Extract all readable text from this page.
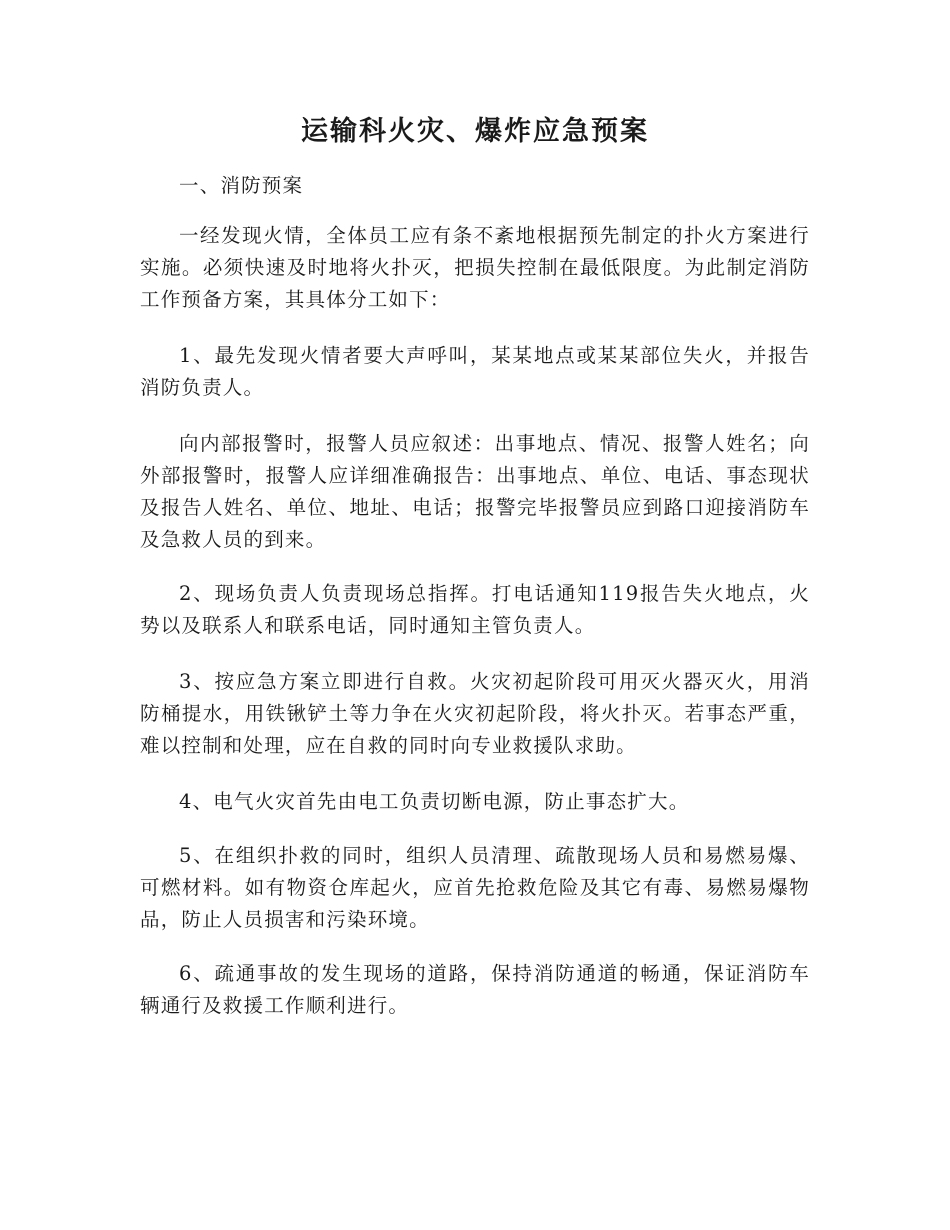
运输科火灾、爆炸应急预案

一、消防预案

一经发现火情，全体员工应有条不紊地根据预先制定的扑火方案进行实施。必须快速及时地将火扑灭，把损失控制在最低限度。为此制定消防工作预备方案，其具体分工如下：

1、最先发现火情者要大声呼叫，某某地点或某某部位失火，并报告消防负责人。

向内部报警时，报警人员应叙述：出事地点、情况、报警人姓名；向外部报警时，报警人应详细准确报告：出事地点、单位、电话、事态现状及报告人姓名、单位、地址、电话；报警完毕报警员应到路口迎接消防车及急救人员的到来。

2、现场负责人负责现场总指挥。打电话通知119报告失火地点，火势以及联系人和联系电话，同时通知主管负责人。

3、按应急方案立即进行自救。火灾初起阶段可用灭火器灭火，用消防桶提水，用铁锹铲土等力争在火灾初起阶段，将火扑灭。若事态严重，难以控制和处理，应在自救的同时向专业救援队求助。

4、电气火灾首先由电工负责切断电源，防止事态扩大。

5、在组织扑救的同时，组织人员清理、疏散现场人员和易燃易爆、可燃材料。如有物资仓库起火，应首先抢救危险及其它有毒、易燃易爆物品，防止人员损害和污染环境。

6、疏通事故的发生现场的道路，保持消防通道的畅通，保证消防车辆通行及救援工作顺利进行。
